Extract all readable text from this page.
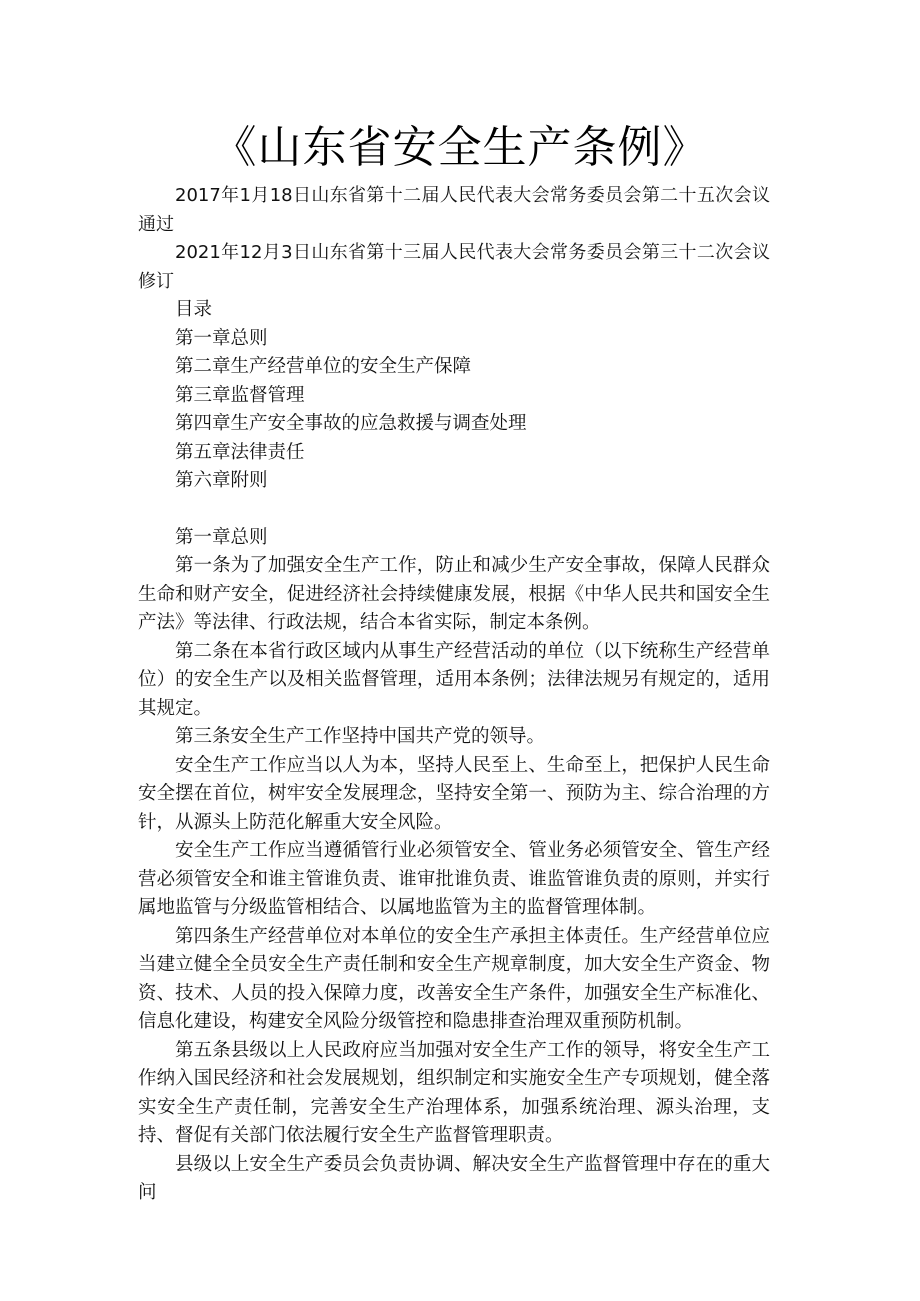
《山东省安全生产条例》

2017年1月18日山东省第十二届人民代表大会常务委员会第二十五次会议通过

2021年12月3日山东省第十三届人民代表大会常务委员会第三十二次会议修订

目录

第一章总则

第二章生产经营单位的安全生产保障

第三章监督管理

第四章生产安全事故的应急救援与调查处理

第五章法律责任

第六章附则

第一章总则

第一条为了加强安全生产工作，防止和减少生产安全事故，保障人民群众生命和财产安全，促进经济社会持续健康发展，根据《中华人民共和国安全生产法》等法律、行政法规，结合本省实际，制定本条例。

第二条在本省行政区域内从事生产经营活动的单位（以下统称生产经营单位）的安全生产以及相关监督管理，适用本条例；法律法规另有规定的，适用其规定。

第三条安全生产工作坚持中国共产党的领导。

安全生产工作应当以人为本，坚持人民至上、生命至上，把保护人民生命安全摆在首位，树牢安全发展理念，坚持安全第一、预防为主、综合治理的方针，从源头上防范化解重大安全风险。

安全生产工作应当遵循管行业必须管安全、管业务必须管安全、管生产经营必须管安全和谁主管谁负责、谁审批谁负责、谁监管谁负责的原则，并实行属地监管与分级监管相结合、以属地监管为主的监督管理体制。

第四条生产经营单位对本单位的安全生产承担主体责任。生产经营单位应当建立健全全员安全生产责任制和安全生产规章制度，加大安全生产资金、物资、技术、人员的投入保障力度，改善安全生产条件，加强安全生产标准化、信息化建设，构建安全风险分级管控和隐患排查治理双重预防机制。

第五条县级以上人民政府应当加强对安全生产工作的领导，将安全生产工作纳入国民经济和社会发展规划，组织制定和实施安全生产专项规划，健全落实安全生产责任制，完善安全生产治理体系，加强系统治理、源头治理，支持、督促有关部门依法履行安全生产监督管理职责。

县级以上安全生产委员会负责协调、解决安全生产监督管理中存在的重大问
